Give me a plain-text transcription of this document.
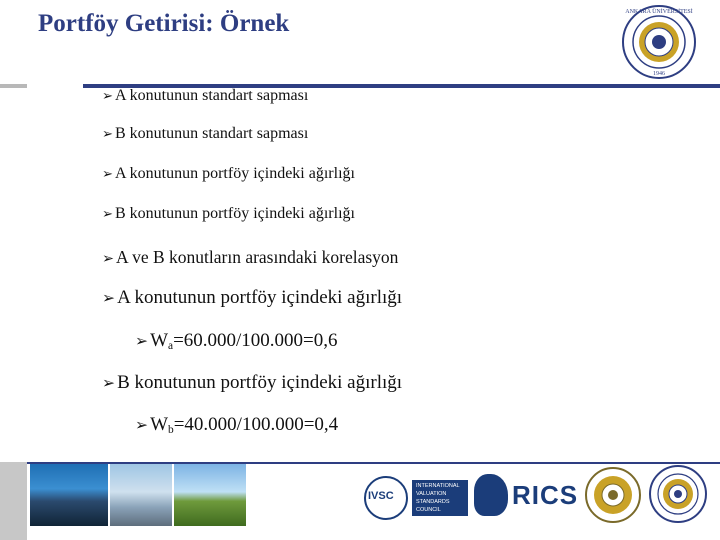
Portföy Getirisi: Örnek	ANKARA ÜNİVERSİTESİ
1946
➢ A konutunun standart sapması
➢ B konutunun standart sapması
➢ A konutunun portföy içindeki ağırlığı
➢ B konutunun portföy içindeki ağırlığı
➢ A ve B konutların arasındaki korelasyon
➢ A konutunun portföy içindeki ağırlığı
➢ $W_a=60.000/100.000=0,6$
➢ B konutunun portföy içindeki ağırlığı
➢ $W_b=40.000/100.000=0,4$
IVSC
INTERNATIONAL VALUATION STANDARDS COUNCIL	RICS
